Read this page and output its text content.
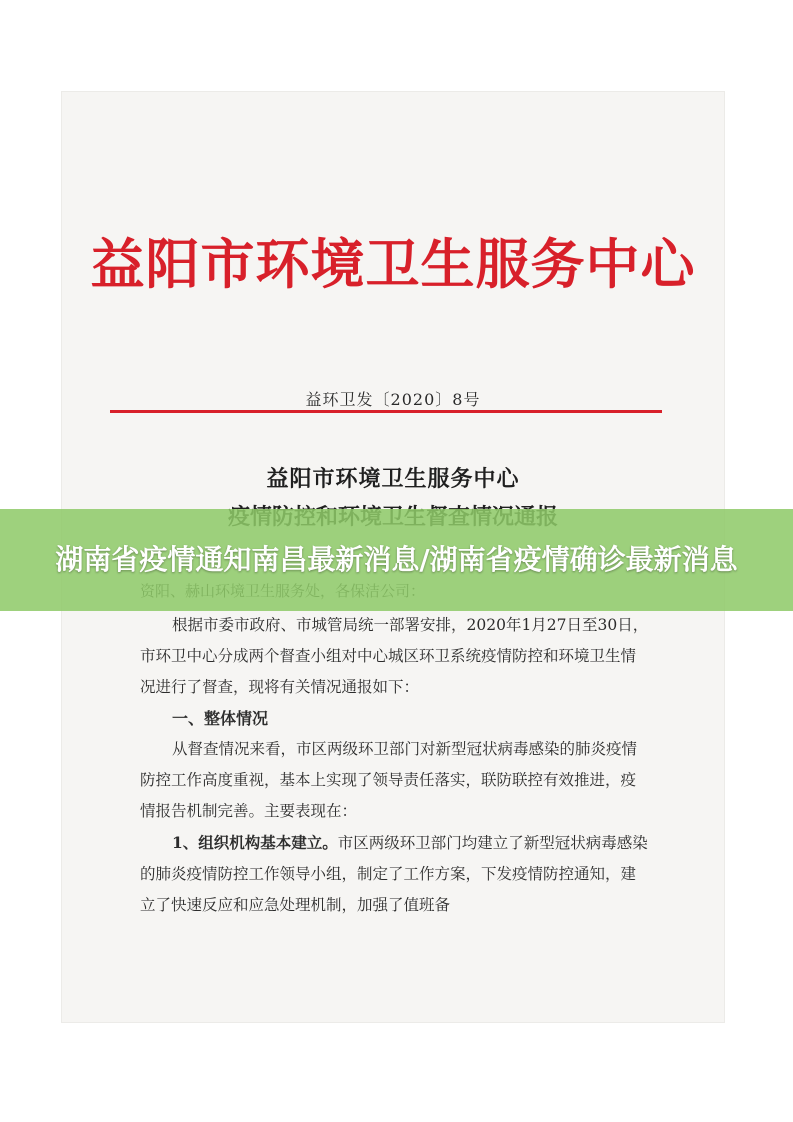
益阳市环境卫生服务中心
益环卫发〔2020〕8号
益阳市环境卫生服务中心

根据市委市政府、市城管局统一部署安排，2020年1月27日至30日，市环卫中心分成两个督查小组对中心城区环卫系统疫情防控和环境卫生情况进行了督查，现将有关情况通报如下：

一、整体情况

从督查情况来看，市区两级环卫部门对新型冠状病毒感染的肺炎疫情防控工作高度重视，基本上实现了领导责任落实，联防联控有效推进，疫情报告机制完善。主要表现在：

1、组织机构基本建立。市区两级环卫部门均建立了新型冠状病毒感染的肺炎疫情防控工作领导小组，制定了工作方案，下发疫情防控通知，建立了快速反应和应急处理机制，加强了值班备

湖南省疫情通知南昌最新消息/湖南省疫情确诊最新消息
